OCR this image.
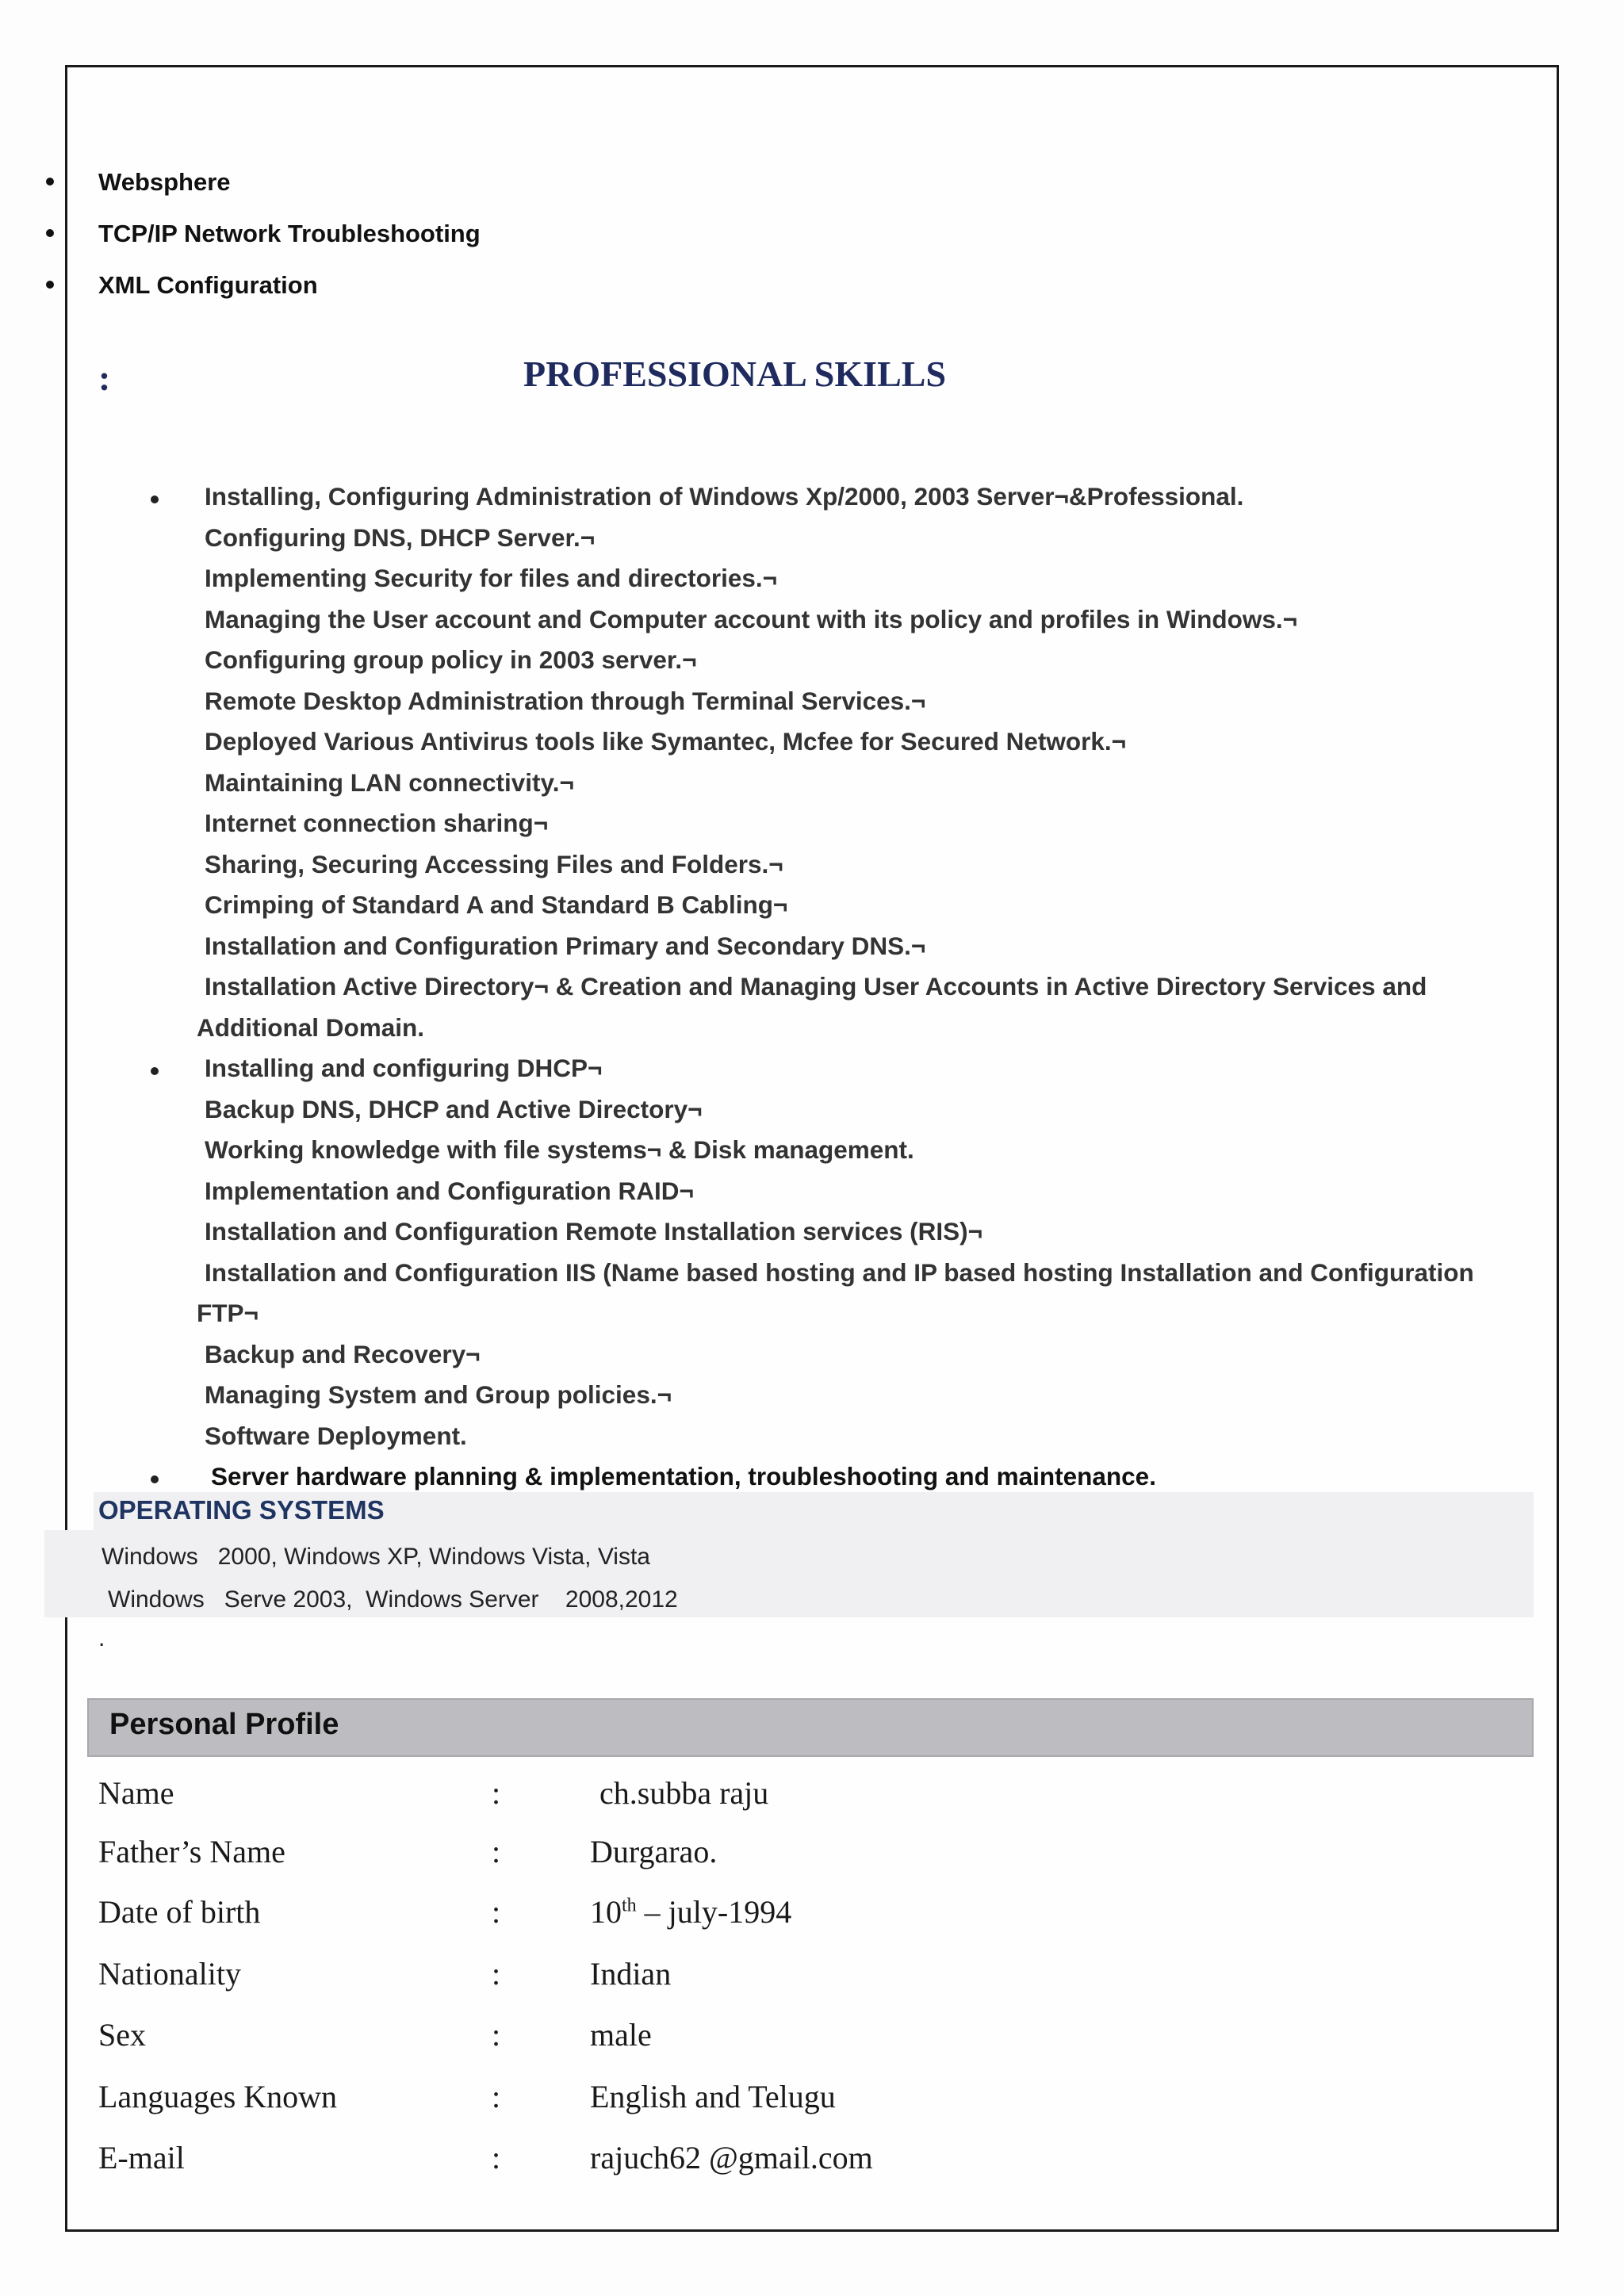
Websphere
TCP/IP Network Troubleshooting
XML Configuration
:	PROFESSIONAL SKILLS
Installing, Configuring Administration of Windows Xp/2000, 2003 Server¬&Professional.
Configuring DNS, DHCP Server.¬
Implementing Security for files and directories.¬
Managing the User account and Computer account with its policy and profiles in Windows.¬
Configuring group policy in 2003 server.¬
Remote Desktop Administration through Terminal Services.¬
Deployed Various Antivirus tools like Symantec, Mcfee for Secured Network.¬
Maintaining LAN connectivity.¬
Internet connection sharing¬
Sharing, Securing Accessing Files and Folders.¬
Crimping of Standard A and Standard B Cabling¬
Installation and Configuration Primary and Secondary DNS.¬
Installation Active Directory¬ & Creation and Managing User Accounts in Active Directory Services and
Additional Domain.
Installing and configuring DHCP¬
Backup DNS, DHCP and Active Directory¬
Working knowledge with file systems¬ & Disk management.
Implementation and Configuration RAID¬
Installation and Configuration Remote Installation services (RIS)¬
Installation and Configuration IIS (Name based hosting and IP based hosting Installation and Configuration
FTP¬
Backup and Recovery¬
Managing System and Group policies.¬
Software Deployment.
Server hardware planning & implementation, troubleshooting and maintenance.
OPERATING SYSTEMS
Windows   2000, Windows XP, Windows Vista, Vista
Windows   Serve 2003,  Windows Server    2008,2012
.
Personal Profile
Name	:	ch.subba raju
Father’s Name	:	Durgarao.
Date of birth	:	10th – july-1994
Nationality	:	Indian
Sex	:	male
Languages Known	:	English and Telugu
E-mail	:	rajuch62 @gmail.com
